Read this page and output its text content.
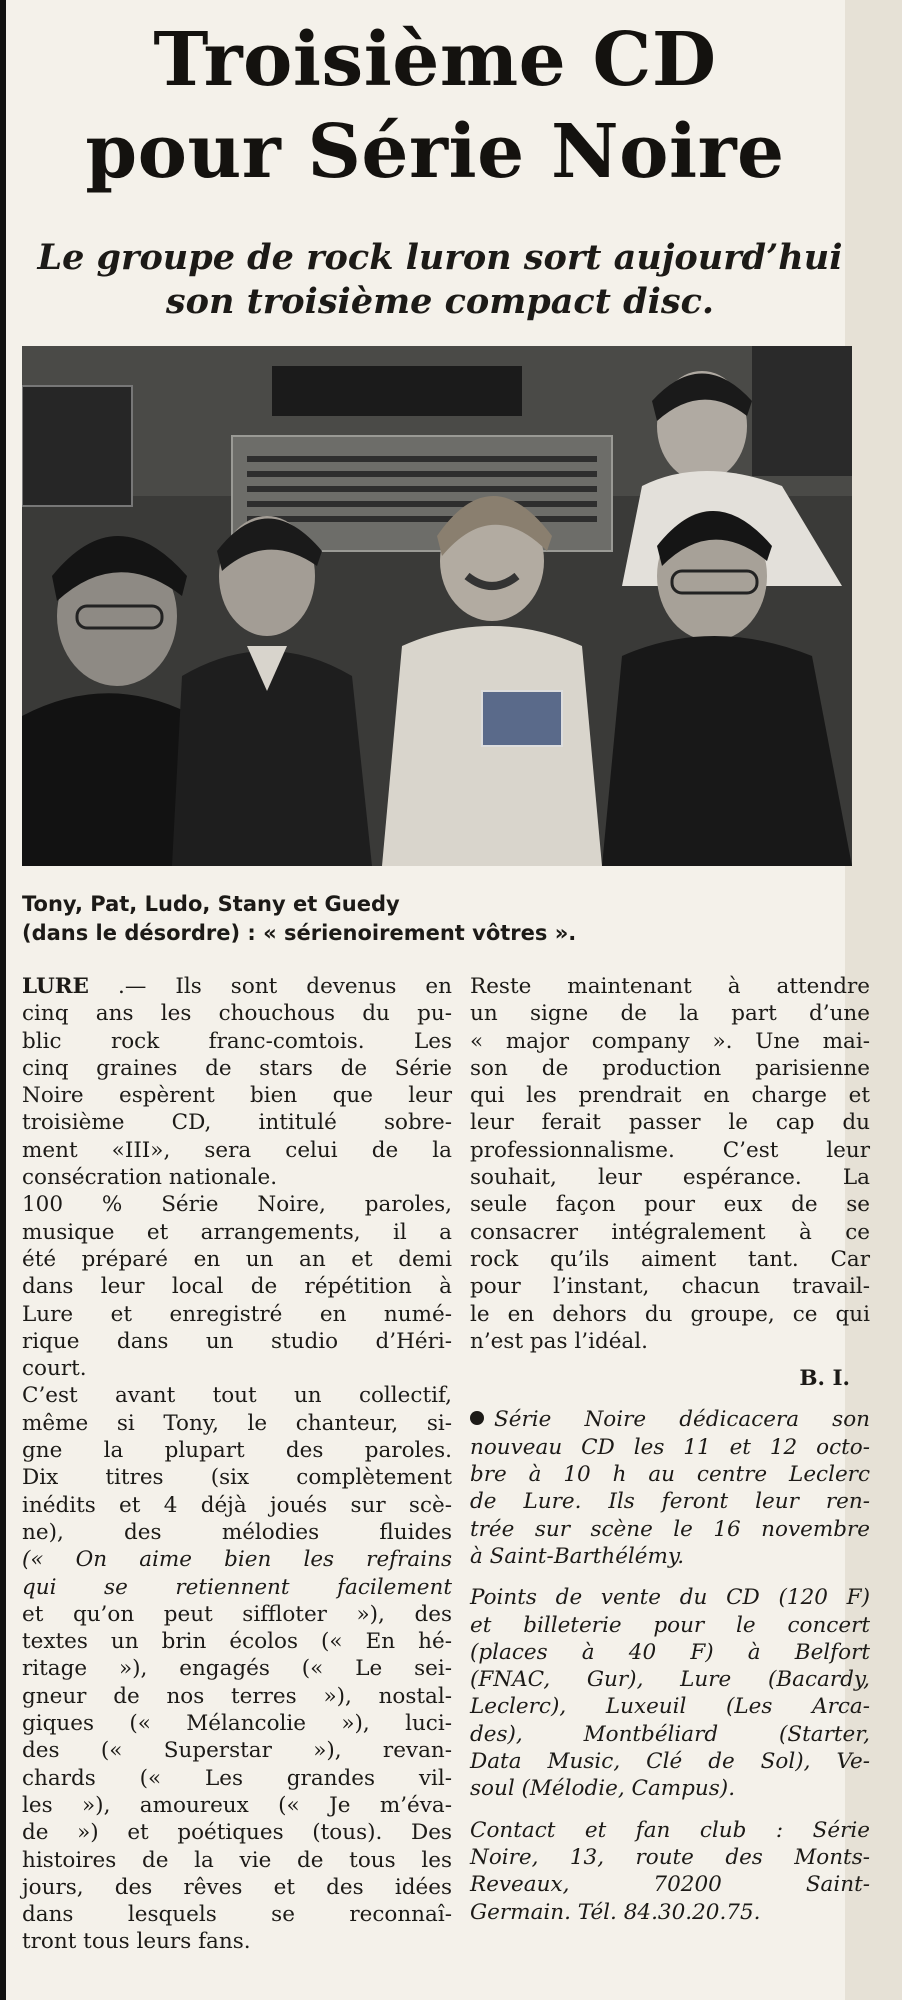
Troisième CD
pour Série Noire
Le groupe de rock luron sort aujourd’hui
son troisième compact disc.
Tony, Pat, Ludo, Stany et Guedy
(dans le désordre) : « sérienoirement vôtres ».
LURE .— Ils sont devenus en
cinq ans les chouchous du pu-
blic rock franc-comtois. Les
cinq graines de stars de Série
Noire espèrent bien que leur
troisième CD, intitulé sobre-
ment «III», sera celui de la
consécration nationale.
100 % Série Noire, paroles,
musique et arrangements, il a
été préparé en un an et demi
dans leur local de répétition à
Lure et enregistré en numé-
rique dans un studio d’Héri-
court.
C’est avant tout un collectif,
même si Tony, le chanteur, si-
gne la plupart des paroles.
Dix titres (six complètement
inédits et 4 déjà joués sur scè-
ne), des mélodies fluides
(« On aime bien les refrains
qui se retiennent facilement
et qu’on peut siffloter »), des
textes un brin écolos (« En hé-
ritage »), engagés (« Le sei-
gneur de nos terres »), nostal-
giques (« Mélancolie »), luci-
des (« Superstar »), revan-
chards (« Les grandes vil-
les »), amoureux (« Je m’éva-
de ») et poétiques (tous). Des
histoires de la vie de tous les
jours, des rêves et des idées
dans lesquels se reconnaî-
tront tous leurs fans.
Reste maintenant à attendre
un signe de la part d’une
« major company ». Une mai-
son de production parisienne
qui les prendrait en charge et
leur ferait passer le cap du
professionnalisme. C’est leur
souhait, leur espérance. La
seule façon pour eux de se
consacrer intégralement à ce
rock qu’ils aiment tant. Car
pour l’instant, chacun travail-
le en dehors du groupe, ce qui
n’est pas l’idéal.
B. I.
Série Noire dédicacera son
nouveau CD les 11 et 12 octo-
bre à 10 h au centre Leclerc
de Lure. Ils feront leur ren-
trée sur scène le 16 novembre
à Saint-Barthélémy.
Points de vente du CD (120 F)
et billeterie pour le concert
(places à 40 F) à Belfort
(FNAC, Gur), Lure (Bacardy,
Leclerc), Luxeuil (Les Arca-
des), Montbéliard (Starter,
Data Music, Clé de Sol), Ve-
soul (Mélodie, Campus).
Contact et fan club : Série
Noire, 13, route des Monts-
Reveaux, 70200 Saint-
Germain. Tél. 84.30.20.75.
